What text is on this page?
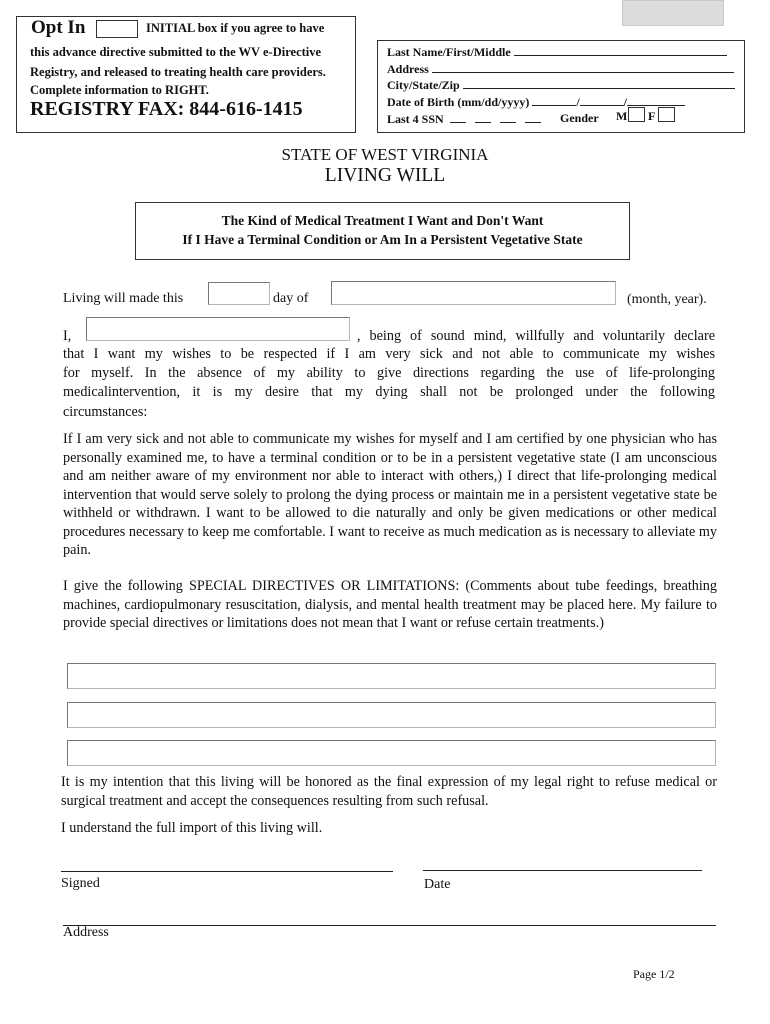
Opt In	INITIAL box if you agree to have
this advance directive submitted to the WV e-Directive
Registry, and released to treating health care providers.
Complete information to RIGHT.
REGISTRY FAX: 844-616-1415
Last Name/First/Middle
Address
City/State/Zip
Date of Birth (mm/dd/yyyy)	/	/
Last 4 SSN	Gender M F
STATE OF WEST VIRGINIA
LIVING WILL
The Kind of Medical Treatment I Want and Don't Want
If I Have a Terminal Condition or Am In a Persistent Vegetative State
Living will made this	day of	(month, year).
I,	, being of sound mind, willfully and voluntarily declare
that I want my wishes to be respected if I am very sick and not able to communicate my wishes
for myself. In the absence of my ability to give directions regarding the use of life-prolonging
medicalintervention, it is my desire that my dying shall not be prolonged under the following
circumstances:
If I am very sick and not able to communicate my wishes for myself and I am certified by one physician who has personally examined me, to have a terminal condition or to be in a persistent vegetative state (I am unconscious and am neither aware of my environment nor able to interact with others,) I direct that life-prolonging medical intervention that would serve solely to prolong the dying process or maintain me in a persistent vegetative state be withheld or withdrawn. I want to be allowed to die naturally and only be given medications or other medical procedures necessary to keep me comfortable. I want to receive as much medication as is necessary to alleviate my pain.
I give the following SPECIAL DIRECTIVES OR LIMITATIONS: (Comments about tube feedings, breathing machines, cardiopulmonary resuscitation, dialysis, and mental health treatment may be placed here. My failure to provide special directives or limitations does not mean that I want or refuse certain treatments.)
It is my intention that this living will be honored as the final expression of my legal right to refuse medical or surgical treatment and accept the consequences resulting from such refusal.
I understand the full import of this living will.
Signed	Date
Address
Page 1/2
